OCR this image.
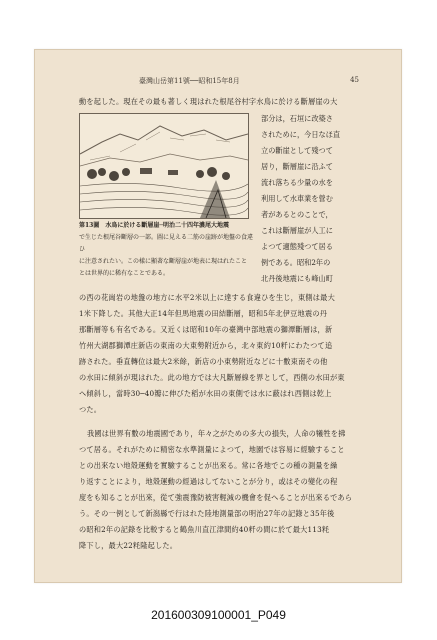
臺灣山岳第11號──昭和15年8月	45
動を起した。現在その最も著しく現はれた根尾谷村字水鳥に於ける斷層崖の大
部分は，石垣に改築さ
されために，今日なほ直
立の斷崖として殘つて
居り，斷層崖に沿ふて
流れ落ちる少量の水を
利用して水車業を營む
者があるとのことで，
これは斷層崖が人工に
よつて適態殘つて居る
例である。昭和2年の
北丹後地震にも峰山町
第13圖　水鳥に於ける斷層崖─明治二十四年濃尾大地震
で生じた根尾谷斷層の一部。圖に見える二筋の崖跡が地盤の食違ひ
に注意されたい。この樣に顯著な斷層崖が地表に現はれたこと
とは世界的に稀有なことである。
の西の花崗岩の地盤の地方に水平2米以上に達する食違ひを生じ，東側は最大
1米下降した。其他大正14年但馬地震の田結斷層，昭和5年北伊豆地震の丹
那斷層等も有名である。又近くは昭和10年の臺灣中部地震の獅潭斷層は，新
竹州大湖郡獅潭庄新店の東南の大東勢附近から，北々東約10粁にわたつて追
跡された。垂直轉位は最大2米餘，新店の小東勢附近などに十數束南その他
の水田に傾斜が現はれた。此の地方では大凡斷層線を界として，西側の水田が東
へ傾斜し，當時30─40瓣に伸びた稻が水田の東側では水に蔽はれ西側は乾上
つた。
我國は世界有數の地震國であり，年々之がための多大の損失，人命の犧牲を拂
つて居る。それがために精密な水準測量によつて，地園では容易に經驗すること
との出來ない地殼運動を實驗することが出來る。常に各地でこの種の測量を繰
り返すことにより，地殼運動の經過はしてないことが分り，或はその變化の程
度をも知ることが出來，從て強震豫防被害輕減の機會を促へることが出來るであら
う。その一例として新潟縣で行はれた陸地測量部の明治27年の記錄と35年後
の昭和2年の記錄を比較すると鶴魚川直江津間約40粁の間に於て最大113粍
降下し，最大22粍隆起した。
201600309100001_P049
